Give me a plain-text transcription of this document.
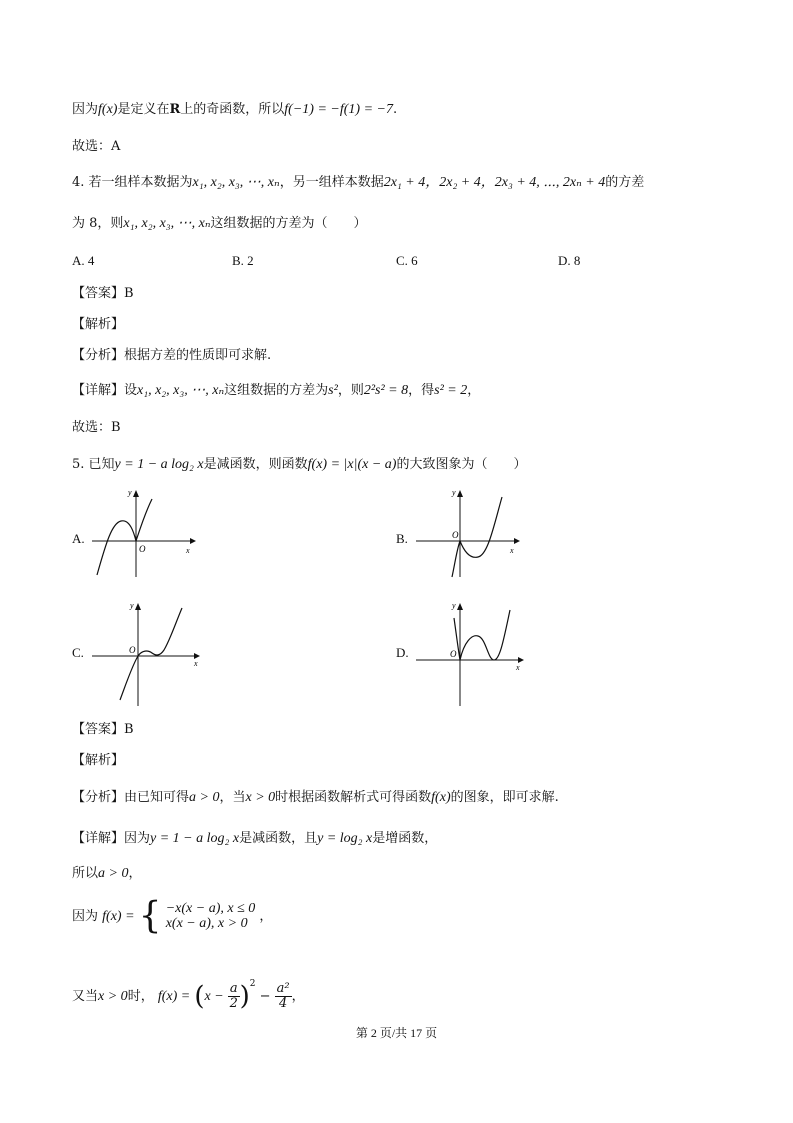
因为f(x)是定义在R上的奇函数，所以f(−1) = −f(1) = −7.
故选：A
4. 若一组样本数据为x₁, x₂, x₃, ⋯, xₙ，另一组样本数据2x₁ + 4，2x₂ + 4，2x₃ + 4, ⋯, 2xₙ + 4的方差
为 8，则x₁, x₂, x₃, ⋯, xₙ这组数据的方差为（　　）
A. 4	B. 2	C. 6	D. 8
【答案】B
【解析】
【分析】根据方差的性质即可求解.
【详解】设x₁, x₂, x₃, ⋯, xₙ这组数据的方差为s²，则2²s² = 8，得s² = 2，
故选：B
5. 已知y = 1 − a log₂ x是减函数，则函数f(x) = |x|(x − a)的大致图象为（　　）
A.	B.
C.	D.
y
x
O
y
x
O
y
x
O
y
x
O
【答案】B
【解析】
【分析】由已知可得a > 0，当x > 0时根据函数解析式可得函数f(x)的图象，即可求解.
【详解】因为y = 1 − a log₂ x是减函数，且y = log₂ x是增函数，
所以a > 0，
因为 f(x) = { −x(x − a), x ≤ 0
x(x − a), x > 0 ，
又当x > 0时， $f(x) = (x - \frac{a}{2} )^2 - \frac{\text{a²}}{4}$ ，
第 2 页/共 17 页
